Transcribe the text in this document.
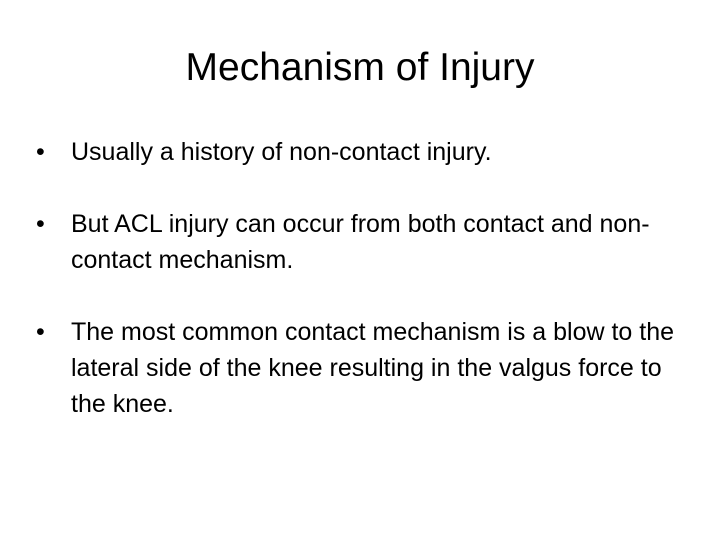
Mechanism of Injury
•	Usually a history of non-contact injury.
•	But ACL injury can occur from both contact and non-contact mechanism.
•	The most common contact mechanism is a blow to the lateral side of the knee resulting in the valgus force to the knee.
